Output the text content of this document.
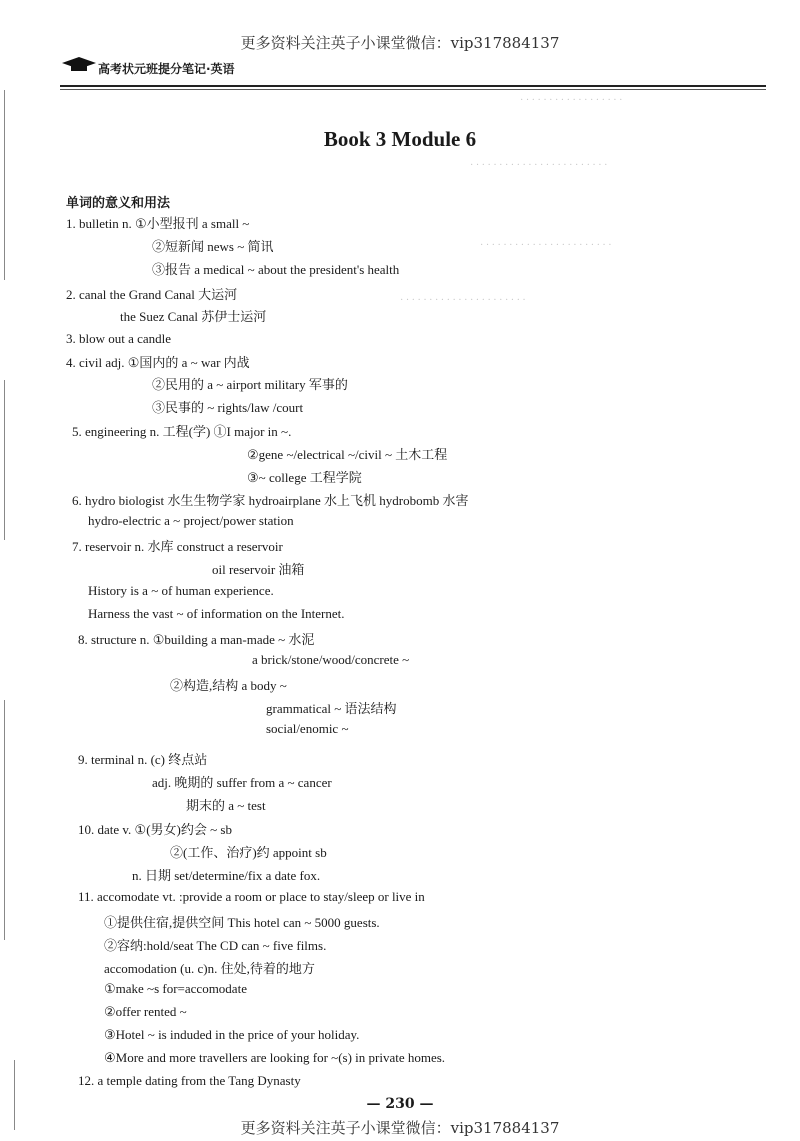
· · · · · · · · · · · · · · · · · ·
· · · · · · · · · · · · · · · · · · · · · · · ·
· · · · · · · · · · · · · · · · · · · · · · ·
· · · · · · · · · · · · · · · · · · · · · ·
更多资料关注英子小课堂微信：vip317884137
高考状元班提分笔记·英语
Book 3 Module 6
单词的意义和用法
1. bulletin n. ①小型报刊 a small ~
②短新闻 news ~ 简讯
③报告 a medical ~ about the president's health
2. canal the Grand Canal 大运河
the Suez Canal 苏伊士运河
3. blow out a candle
4. civil adj. ①国内的 a ~ war 内战
②民用的 a ~ airport military 军事的
③民事的 ~ rights/law /court
5. engineering n. 工程(学) ①I major in ~.
②gene ~/electrical ~/civil ~ 土木工程
③~ college 工程学院
6. hydro biologist 水生生物学家 hydroairplane 水上飞机 hydrobomb 水害
hydro-electric a ~ project/power station
7. reservoir n. 水库 construct a reservoir
oil reservoir 油箱
History is a ~ of human experience.
Harness the vast ~ of information on the Internet.
8. structure n. ①building a man-made ~ 水泥
a brick/stone/wood/concrete ~
②构造,结构 a body ~
grammatical ~ 语法结构
social/enomic ~
9. terminal n. (c) 终点站
adj. 晚期的 suffer from a ~ cancer
期末的 a ~ test
10. date v. ①(男女)约会 ~ sb
②(工作、治疗)约 appoint sb
n. 日期 set/determine/fix a date fox.
11. accomodate vt. :provide a room or place to stay/sleep or live in
①提供住宿,提供空间 This hotel can ~ 5000 guests.
②容纳:hold/seat The CD can ~ five films.
accomodation (u. c)n. 住处,待着的地方
①make ~s for=accomodate
②offer rented ~
③Hotel ~ is induded in the price of your holiday.
④More and more travellers are looking for ~(s) in private homes.
12. a temple dating from the Tang Dynasty
— 230 —
更多资料关注英子小课堂微信：vip317884137
